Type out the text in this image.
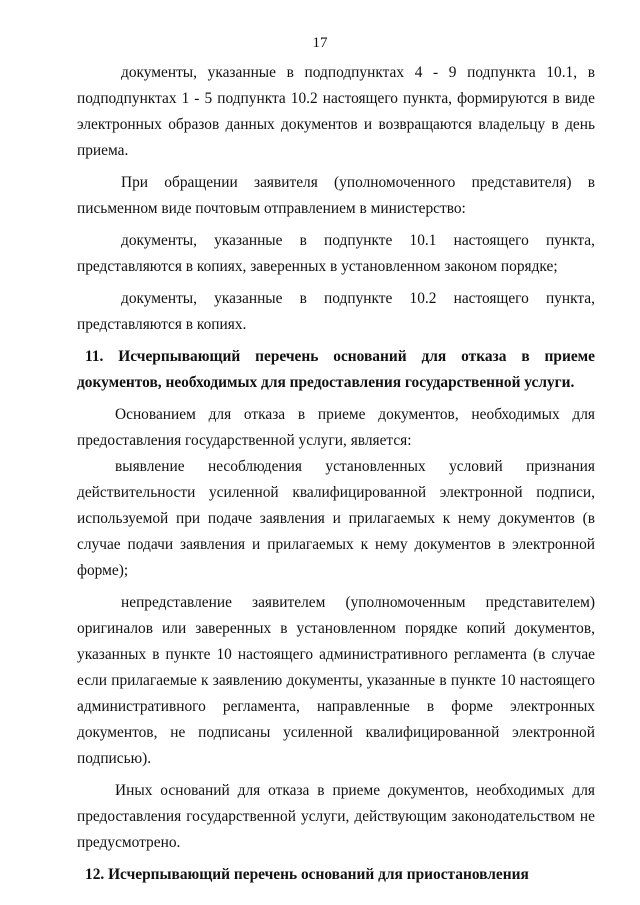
17

документы, указанные в подподпунктах 4 - 9 подпункта 10.1, в подподпунктах 1 - 5 подпункта 10.2 настоящего пункта, формируются в виде электронных образов данных документов и возвращаются владельцу в день приема.

При обращении заявителя (уполномоченного представителя) в письменном виде почтовым отправлением в министерство:

документы, указанные в подпункте 10.1 настоящего пункта, представляются в копиях, заверенных в установленном законом порядке;

документы, указанные в подпункте 10.2 настоящего пункта, представляются в копиях.

11. Исчерпывающий перечень оснований для отказа в приеме документов, необходимых для предоставления государственной услуги.

Основанием для отказа в приеме документов, необходимых для предоставления государственной услуги, является:

выявление несоблюдения установленных условий признания действительности усиленной квалифицированной электронной подписи, используемой при подаче заявления и прилагаемых к нему документов (в случае подачи заявления и прилагаемых к нему документов в электронной форме);

непредставление заявителем (уполномоченным представителем) оригиналов или заверенных в установленном порядке копий документов, указанных в пункте 10 настоящего административного регламента (в случае если прилагаемые к заявлению документы, указанные в пункте 10 настоящего административного регламента, направленные в форме электронных документов, не подписаны усиленной квалифицированной электронной подписью).

Иных оснований для отказа в приеме документов, необходимых для предоставления государственной услуги, действующим законодательством не предусмотрено.

12. Исчерпывающий перечень оснований для приостановления
